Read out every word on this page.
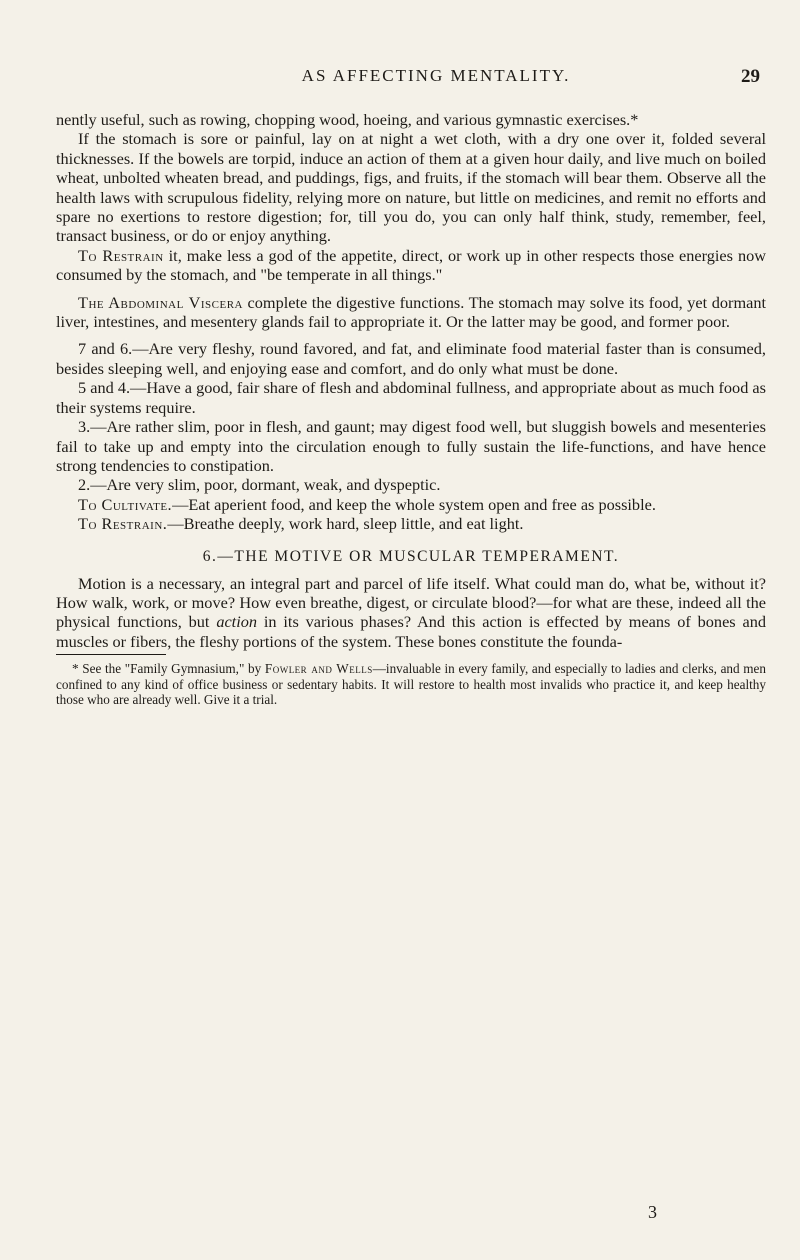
AS AFFECTING MENTALITY.	29

nently useful, such as rowing, chopping wood, hoeing, and various gymnastic exercises.*

If the stomach is sore or painful, lay on at night a wet cloth, with a dry one over it, folded several thicknesses. If the bowels are torpid, induce an action of them at a given hour daily, and live much on boiled wheat, unbolted wheaten bread, and puddings, figs, and fruits, if the stomach will bear them. Observe all the health laws with scrupulous fidelity, relying more on nature, but little on medicines, and remit no efforts and spare no exertions to restore digestion; for, till you do, you can only half think, study, remember, feel, transact business, or do or enjoy anything.

To Restrain it, make less a god of the appetite, direct, or work up in other respects those energies now consumed by the stomach, and "be temperate in all things."

The Abdominal Viscera complete the digestive functions. The stomach may solve its food, yet dormant liver, intestines, and mesentery glands fail to appropriate it. Or the latter may be good, and former poor.

7 and 6.—Are very fleshy, round favored, and fat, and eliminate food material faster than is consumed, besides sleeping well, and enjoying ease and comfort, and do only what must be done.

5 and 4.—Have a good, fair share of flesh and abdominal fullness, and appropriate about as much food as their systems require.

3.—Are rather slim, poor in flesh, and gaunt; may digest food well, but sluggish bowels and mesenteries fail to take up and empty into the circulation enough to fully sustain the life-functions, and have hence strong tendencies to constipation.

2.—Are very slim, poor, dormant, weak, and dyspeptic.

To Cultivate.—Eat aperient food, and keep the whole system open and free as possible.

To Restrain.—Breathe deeply, work hard, sleep little, and eat light.

6.—THE MOTIVE OR MUSCULAR TEMPERAMENT.

Motion is a necessary, an integral part and parcel of life itself. What could man do, what be, without it? How walk, work, or move? How even breathe, digest, or circulate blood?—for what are these, indeed all the physical functions, but action in its various phases? And this action is effected by means of bones and muscles or fibers, the fleshy portions of the system. These bones constitute the founda-

* See the "Family Gymnasium," by Fowler and Wells—invaluable in every family, and especially to ladies and clerks, and men confined to any kind of office business or sedentary habits. It will restore to health most invalids who practice it, and keep healthy those who are already well. Give it a trial.

3
